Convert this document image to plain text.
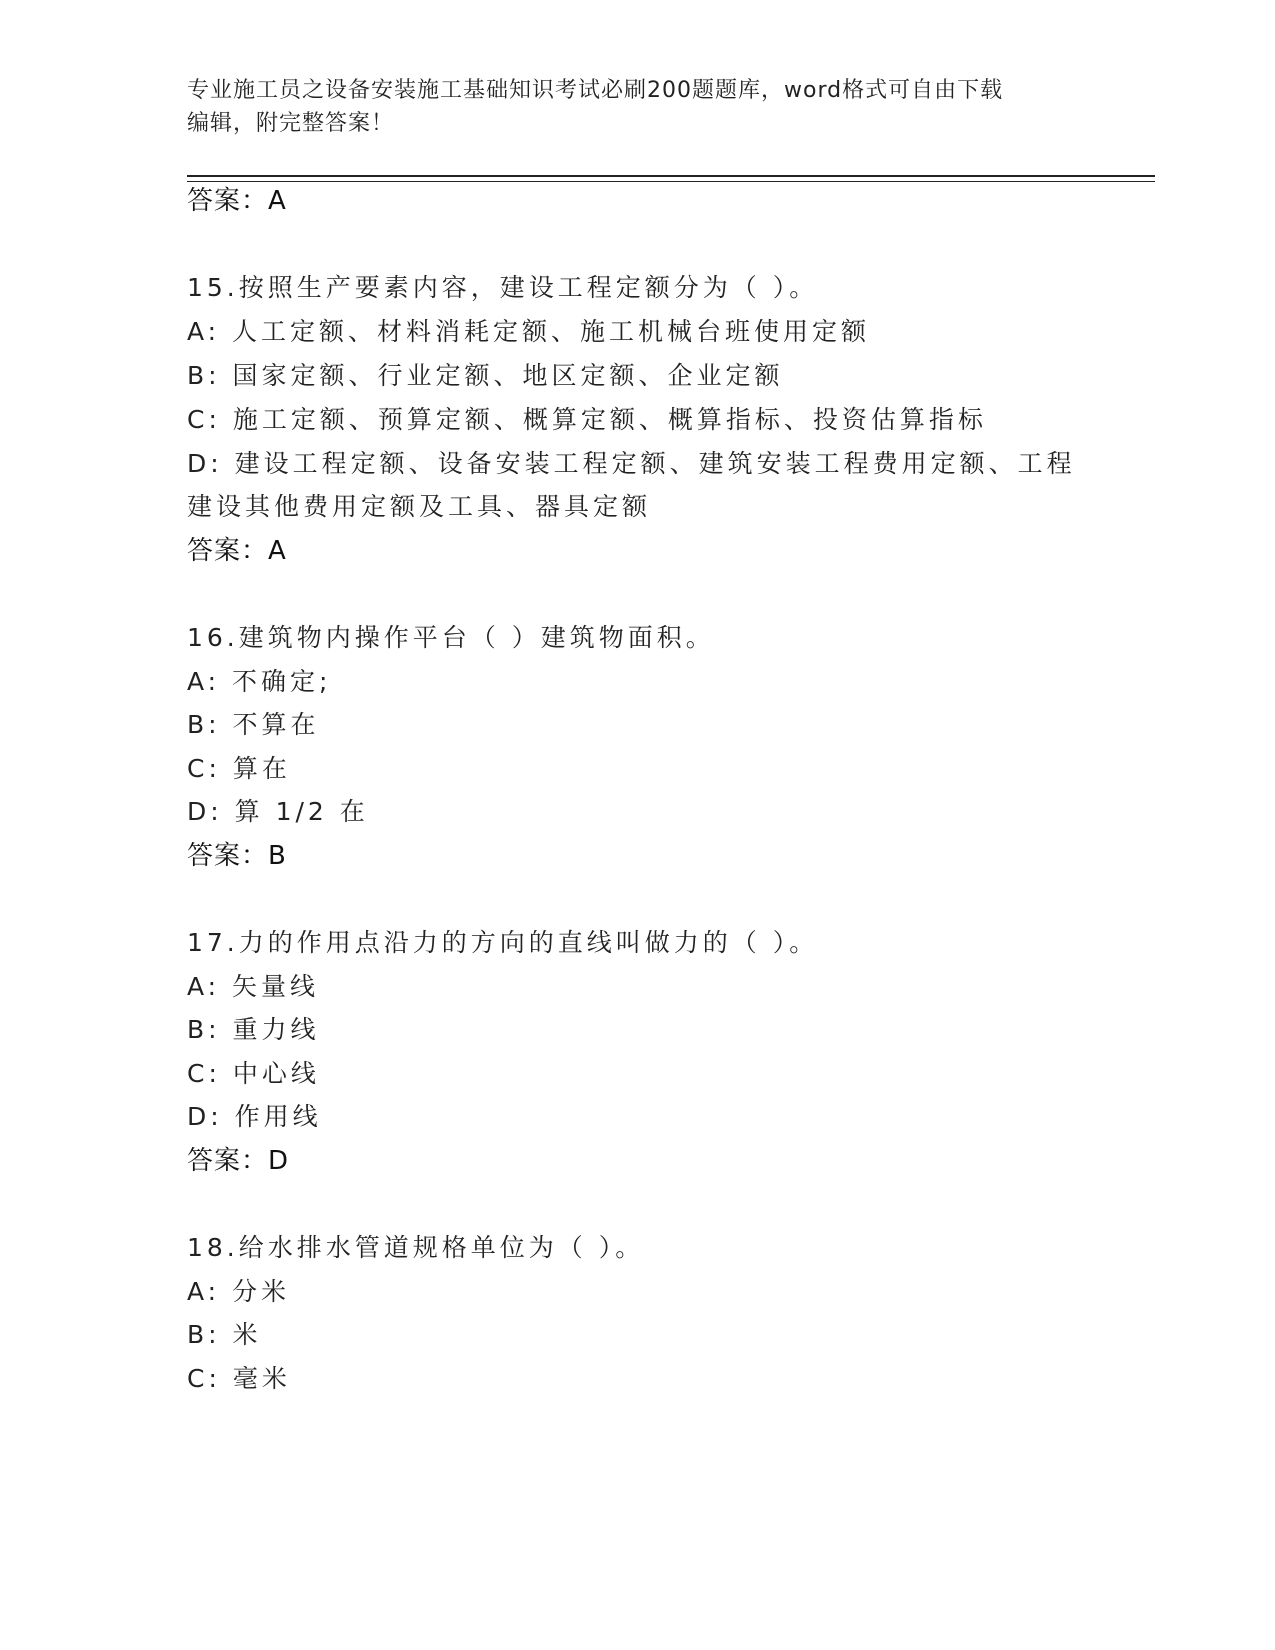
专业施工员之设备安装施工基础知识考试必刷200题题库，word格式可自由下载
编辑，附完整答案！
答案：A
15.按照生产要素内容，建设工程定额分为（ ）。
A: 人工定额、材料消耗定额、施工机械台班使用定额
B: 国家定额、行业定额、地区定额、企业定额
C: 施工定额、预算定额、概算定额、概算指标、投资估算指标
D: 建设工程定额、设备安装工程定额、建筑安装工程费用定额、工程
建设其他费用定额及工具、器具定额
答案：A
16.建筑物内操作平台（ ）建筑物面积。
A: 不确定;
B: 不算在
C: 算在
D: 算 1/2 在
答案：B
17.力的作用点沿力的方向的直线叫做力的（ ）。
A: 矢量线
B: 重力线
C: 中心线
D: 作用线
答案：D
18.给水排水管道规格单位为（ ）。
A: 分米
B: 米
C: 毫米
